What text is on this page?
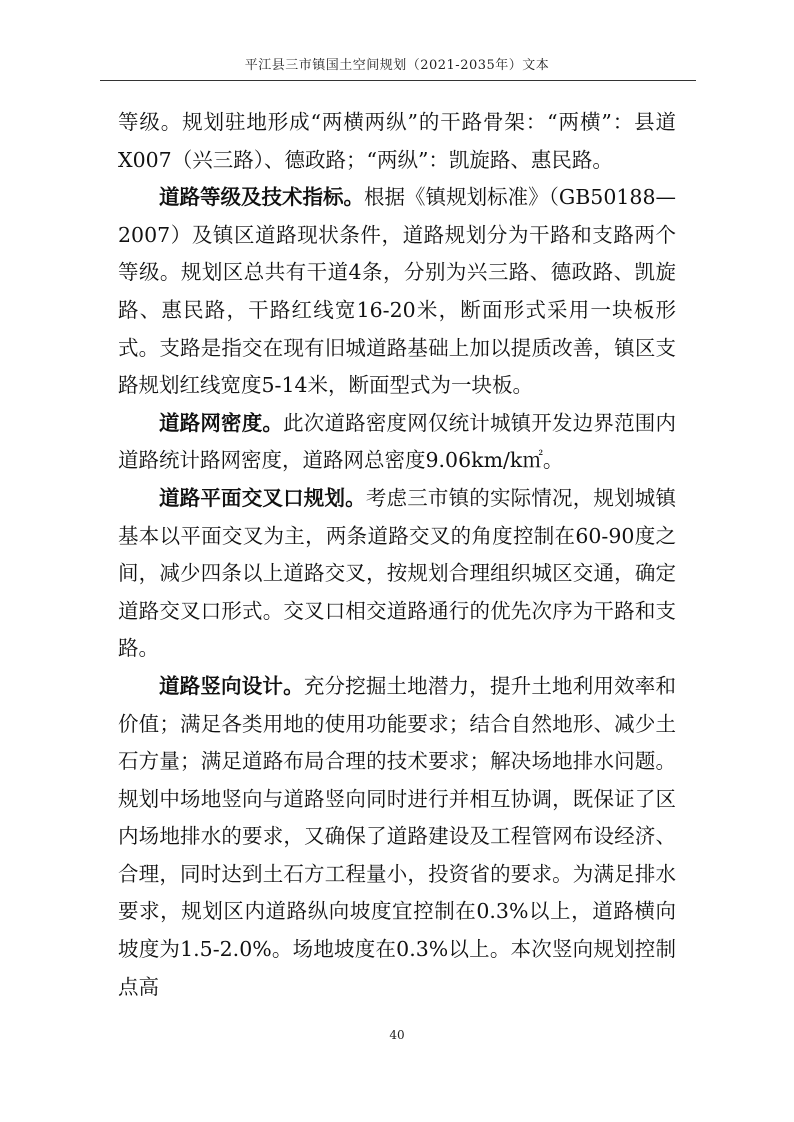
平江县三市镇国土空间规划（2021-2035年）文本

等级。规划驻地形成“两横两纵”的干路骨架：“两横”：县道X007（兴三路）、德政路；“两纵”：凯旋路、惠民路。

道路等级及技术指标。根据《镇规划标准》（GB50188—2007）及镇区道路现状条件，道路规划分为干路和支路两个等级。规划区总共有干道4条，分别为兴三路、德政路、凯旋路、惠民路，干路红线宽16-20米，断面形式采用一块板形式。支路是指交在现有旧城道路基础上加以提质改善，镇区支路规划红线宽度5-14米，断面型式为一块板。

道路网密度。此次道路密度网仅统计城镇开发边界范围内道路统计路网密度，道路网总密度9.06km/k㎡。

道路平面交叉口规划。考虑三市镇的实际情况，规划城镇基本以平面交叉为主，两条道路交叉的角度控制在60-90度之间，减少四条以上道路交叉，按规划合理组织城区交通，确定道路交叉口形式。交叉口相交道路通行的优先次序为干路和支路。

道路竖向设计。充分挖掘土地潜力，提升土地利用效率和价值；满足各类用地的使用功能要求；结合自然地形、减少土石方量；满足道路布局合理的技术要求；解决场地排水问题。规划中场地竖向与道路竖向同时进行并相互协调，既保证了区内场地排水的要求，又确保了道路建设及工程管网布设经济、合理，同时达到土石方工程量小，投资省的要求。为满足排水要求，规划区内道路纵向坡度宜控制在0.3%以上，道路横向坡度为1.5-2.0%。场地坡度在0.3%以上。本次竖向规划控制点高

40
